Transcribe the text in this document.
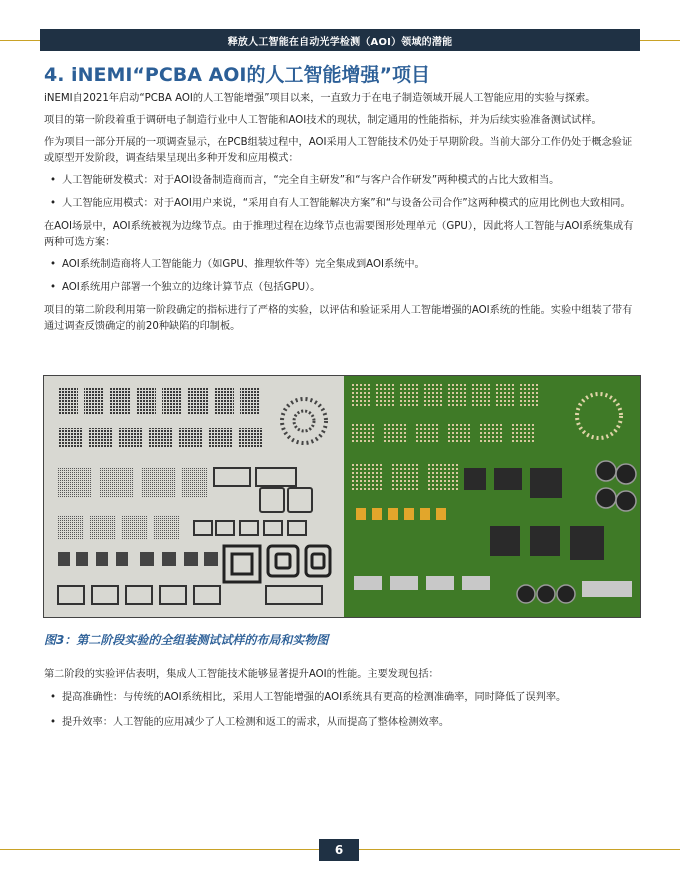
释放人工智能在自动光学检测（AOI）领域的潜能
4. iNEMI“PCBA AOI的人工智能增强”项目

iNEMI自2021年启动“PCBA AOI的人工智能增强”项目以来，一直致力于在电子制造领域开展人工智能应用的实验与探索。

项目的第一阶段着重于调研电子制造行业中人工智能和AOI技术的现状，制定通用的性能指标，并为后续实验准备测试试样。

作为项目一部分开展的一项调查显示，在PCB组装过程中，AOI采用人工智能技术仍处于早期阶段。当前大部分工作仍处于概念验证或原型开发阶段，调查结果呈现出多种开发和应用模式：

• 人工智能研发模式：对于AOI设备制造商而言，“完全自主研发”和“与客户合作研发”两种模式的占比大致相当。
• 人工智能应用模式：对于AOI用户来说，“采用自有人工智能解决方案”和“与设备公司合作”这两种模式的应用比例也大致相同。

在AOI场景中，AOI系统被视为边缘节点。由于推理过程在边缘节点也需要图形处理单元（GPU），因此将人工智能与AOI系统集成有两种可选方案：

• AOI系统制造商将人工智能能力（如GPU、推理软件等）完全集成到AOI系统中。
• AOI系统用户部署一个独立的边缘计算节点（包括GPU）。

项目的第二阶段利用第一阶段确定的指标进行了严格的实验，以评估和验证采用人工智能增强的AOI系统的性能。实验中组装了带有通过调查反馈确定的前20种缺陷的印制板。

图3：第二阶段实验的全组装测试试样的布局和实物图

第二阶段的实验评估表明，集成人工智能技术能够显著提升AOI的性能。主要发现包括：

• 提高准确性：与传统的AOI系统相比，采用人工智能增强的AOI系统具有更高的检测准确率，同时降低了误判率。
• 提升效率：人工智能的应用减少了人工检测和返工的需求，从而提高了整体检测效率。
6
